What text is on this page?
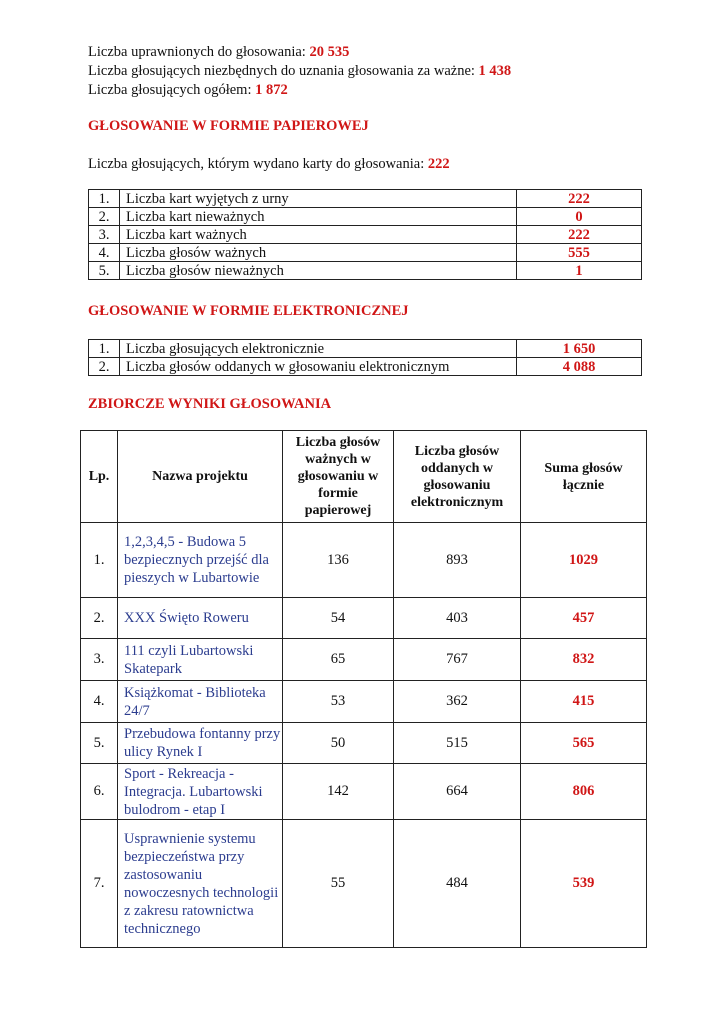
Liczba uprawnionych do głosowania: 20 535
Liczba głosujących niezbędnych do uznania głosowania za ważne: 1 438
Liczba głosujących ogółem: 1 872
GŁOSOWANIE W FORMIE PAPIEROWEJ
Liczba głosujących, którym wydano karty do głosowania: 222
1.	Liczba kart wyjętych z urny	222
2.	Liczba kart nieważnych	0
3.	Liczba kart ważnych	222
4.	Liczba głosów ważnych	555
5.	Liczba głosów nieważnych	1
GŁOSOWANIE W FORMIE ELEKTRONICZNEJ
1.	Liczba głosujących elektronicznie	1 650
2.	Liczba głosów oddanych w głosowaniu elektronicznym	4 088
ZBIORCZE WYNIKI GŁOSOWANIA
Lp.	Nazwa projektu	Liczba głosów ważnych w głosowaniu w formie papierowej	Liczba głosów oddanych w głosowaniu elektronicznym	Suma głosów łącznie
1.	1,2,3,4,5 - Budowa 5 bezpiecznych przejść dla pieszych w Lubartowie	136	893	1029
2.	XXX Święto Roweru	54	403	457
3.	111 czyli Lubartowski Skatepark	65	767	832
4.	Książkomat - Biblioteka 24/7	53	362	415
5.	Przebudowa fontanny przy ulicy Rynek I	50	515	565
6.	Sport - Rekreacja - Integracja. Lubartowski bulodrom - etap I	142	664	806
7.	Usprawnienie systemu bezpieczeństwa przy zastosowaniu nowoczesnych technologii z zakresu ratownictwa technicznego	55	484	539
